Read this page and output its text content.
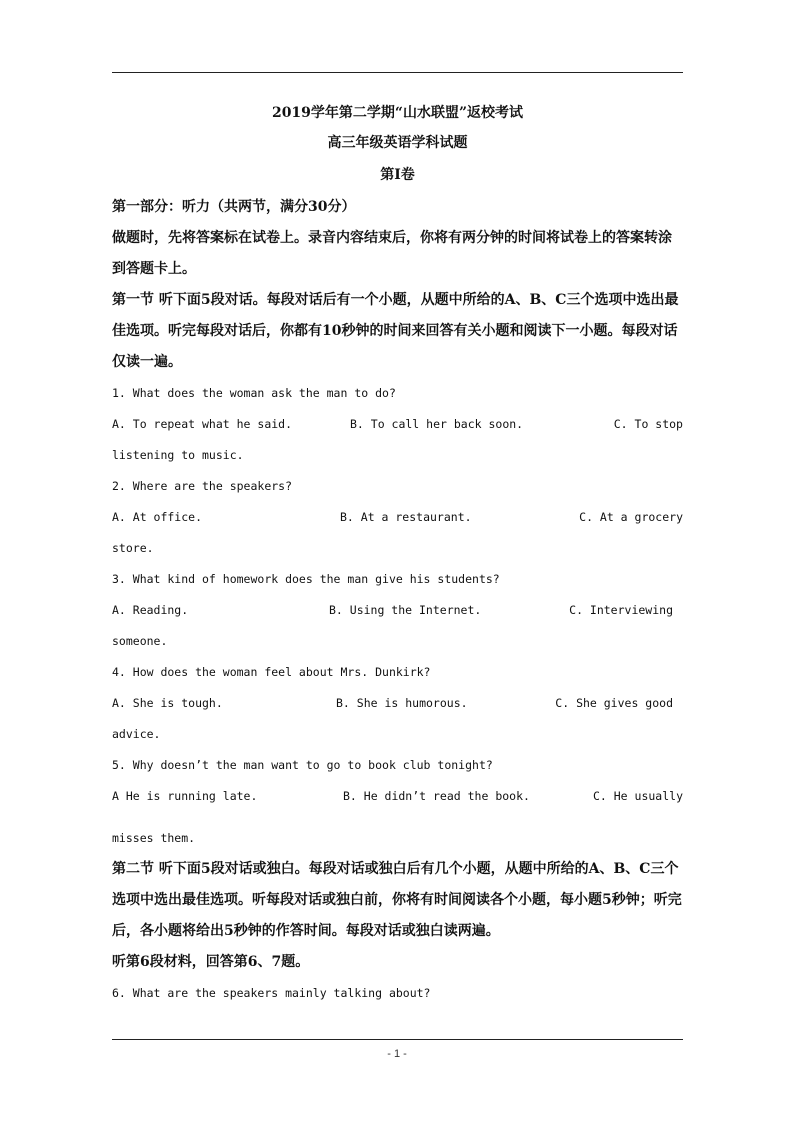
2019学年第二学期“山水联盟”返校考试
高三年级英语学科试题
第Ⅰ卷

第一部分：听力（共两节，满分30分）

做题时，先将答案标在试卷上。录音内容结束后，你将有两分钟的时间将试卷上的答案转涂到答题卡上。

第一节 听下面5段对话。每段对话后有一个小题，从题中所给的A、B、C三个选项中选出最佳选项。听完每段对话后，你都有10秒钟的时间来回答有关小题和阅读下一小题。每段对话仅读一遍。

1. What does the woman ask the man to do?

A. To repeat what he said.	B. To call her back soon.	C. To stop

listening to music.

2. Where are the speakers?

A. At office.	B. At a restaurant.	C. At a grocery

store.

3. What kind of homework does the man give his students?

A. Reading.	B. Using the Internet.	C. Interviewing

someone.

4. How does the woman feel about Mrs. Dunkirk?

A. She is tough.	B. She is humorous.	C. She gives good

advice.

5. Why doesn’t the man want to go to book club tonight?

A He is running late.	B. He didn’t read the book.	C. He usually

misses them.

第二节 听下面5段对话或独白。每段对话或独白后有几个小题，从题中所给的A、B、C三个选项中选出最佳选项。听每段对话或独白前，你将有时间阅读各个小题，每小题5秒钟；听完后，各小题将给出5秒钟的作答时间。每段对话或独白读两遍。

听第6段材料，回答第6、7题。

6. What are the speakers mainly talking about?

- 1 -
